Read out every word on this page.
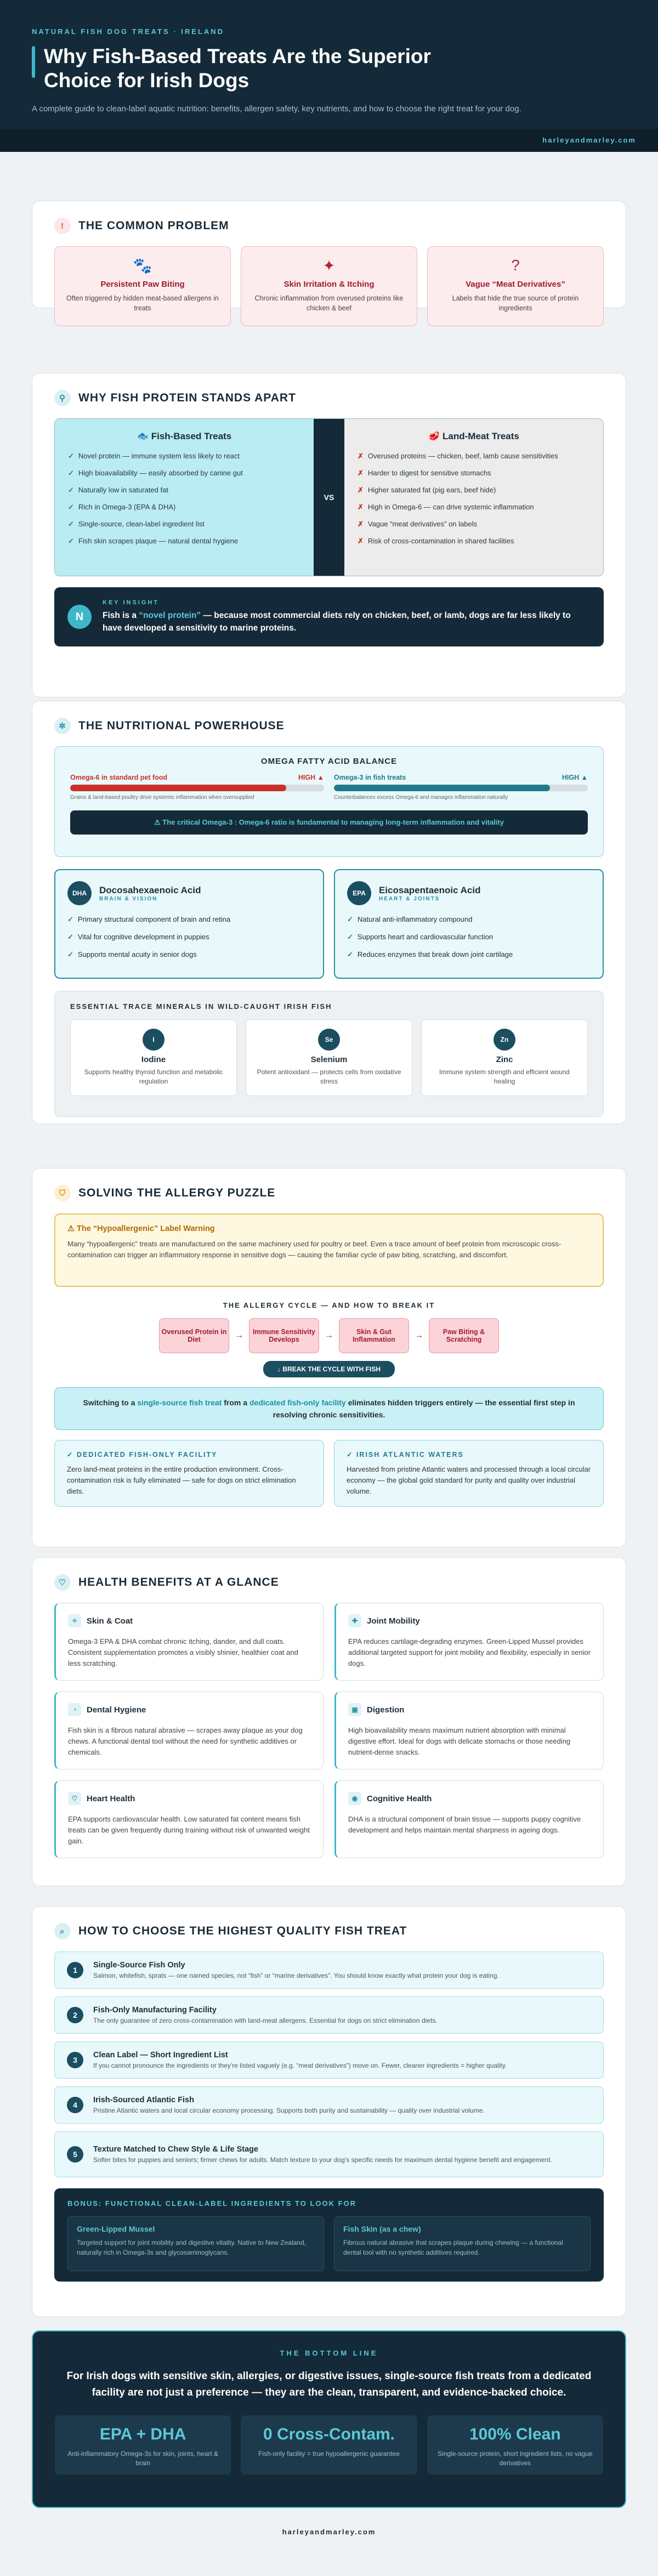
NATURAL FISH DOG TREATS · IRELAND
Why Fish-Based Treats Are the Superior Choice for Irish Dogs
A complete guide to clean-label aquatic nutrition: benefits, allergen safety, key nutrients, and how to choose the right treat for your dog.
harleyandmarley.com
!	THE COMMON PROBLEM
🐾
Persistent Paw Biting
Often triggered by hidden meat-based allergens in treats
✦
Skin Irritation & Itching
Chronic inflammation from overused proteins like chicken & beef
?
Vague “Meat Derivatives”
Labels that hide the true source of protein ingredients
⚲	WHY FISH PROTEIN STANDS APART
🐟 Fish-Based Treats
✓ Novel protein — immune system less likely to react
✓ High bioavailability — easily absorbed by canine gut
✓ Naturally low in saturated fat
✓ Rich in Omega-3 (EPA & DHA)
✓ Single-source, clean-label ingredient list
✓ Fish skin scrapes plaque — natural dental hygiene
VS
🥩 Land-Meat Treats
✗ Overused proteins — chicken, beef, lamb cause sensitivities
✗ Harder to digest for sensitive stomachs
✗ Higher saturated fat (pig ears, beef hide)
✗ High in Omega-6 — can drive systemic inflammation
✗ Vague “meat derivatives” on labels
✗ Risk of cross-contamination in shared facilities
N
KEY INSIGHT
Fish is a “novel protein” — because most commercial diets rely on chicken, beef, or lamb, dogs are far less likely to have developed a sensitivity to marine proteins.
✲	THE NUTRITIONAL POWERHOUSE
OMEGA FATTY ACID BALANCE
Omega-6 in standard pet food	HIGH ▲
Grains & land-based poultry drive systemic inflammation when oversupplied
Omega-3 in fish treats	HIGH ▲
Counterbalances excess Omega-6 and manages inflammation naturally
⚠ The critical Omega-3 : Omega-6 ratio is fundamental to managing long-term inflammation and vitality
DHA	Docosahexaenoic Acid
BRAIN & VISION
✓ Primary structural component of brain and retina
✓ Vital for cognitive development in puppies
✓ Supports mental acuity in senior dogs
EPA	Eicosapentaenoic Acid
HEART & JOINTS
✓ Natural anti-inflammatory compound
✓ Supports heart and cardiovascular function
✓ Reduces enzymes that break down joint cartilage
ESSENTIAL TRACE MINERALS IN WILD-CAUGHT IRISH FISH
I
Iodine
Supports healthy thyroid function and metabolic regulation
Se
Selenium
Potent antioxidant — protects cells from oxidative stress
Zn
Zinc
Immune system strength and efficient wound healing
⛉	SOLVING THE ALLERGY PUZZLE
⚠ The “Hypoallergenic” Label Warning
Many “hypoallergenic” treats are manufactured on the same machinery used for poultry or beef. Even a trace amount of beef protein from microscopic cross-contamination can trigger an inflammatory response in sensitive dogs — causing the familiar cycle of paw biting, scratching, and discomfort.
THE ALLERGY CYCLE — AND HOW TO BREAK IT
Overused Protein in Diet	→	Immune Sensitivity Develops	→	Skin & Gut Inflammation	→	Paw Biting & Scratching
↓ BREAK THE CYCLE WITH FISH
Switching to a single-source fish treat from a dedicated fish-only facility eliminates hidden triggers entirely — the essential first step in resolving chronic sensitivities.
✓ DEDICATED FISH-ONLY FACILITY
Zero land-meat proteins in the entire production environment. Cross-contamination risk is fully eliminated — safe for dogs on strict elimination diets.
✓ IRISH ATLANTIC WATERS
Harvested from pristine Atlantic waters and processed through a local circular economy — the global gold standard for purity and quality over industrial volume.
♡	HEALTH BENEFITS AT A GLANCE
✧	Skin & Coat
Omega-3 EPA & DHA combat chronic itching, dander, and dull coats. Consistent supplementation promotes a visibly shinier, healthier coat and less scratching.
✚	Joint Mobility
EPA reduces cartilage-degrading enzymes. Green-Lipped Mussel provides additional targeted support for joint mobility and flexibility, especially in senior dogs.
◔	Dental Hygiene
Fish skin is a fibrous natural abrasive — scrapes away plaque as your dog chews. A functional dental tool without the need for synthetic additives or chemicals.
▣	Digestion
High bioavailability means maximum nutrient absorption with minimal digestive effort. Ideal for dogs with delicate stomachs or those needing nutrient-dense snacks.
♡	Heart Health
EPA supports cardiovascular health. Low saturated fat content means fish treats can be given frequently during training without risk of unwanted weight gain.
◉	Cognitive Health
DHA is a structural component of brain tissue — supports puppy cognitive development and helps maintain mental sharpness in ageing dogs.
⌕	HOW TO CHOOSE THE HIGHEST QUALITY FISH TREAT
1
Single-Source Fish Only
Salmon, whitefish, sprats — one named species, not “fish” or “marine derivatives”. You should know exactly what protein your dog is eating.
2
Fish-Only Manufacturing Facility
The only guarantee of zero cross-contamination with land-meat allergens. Essential for dogs on strict elimination diets.
3
Clean Label — Short Ingredient List
If you cannot pronounce the ingredients or they're listed vaguely (e.g. “meat derivatives”) move on. Fewer, cleaner ingredients = higher quality.
4
Irish-Sourced Atlantic Fish
Pristine Atlantic waters and local circular economy processing. Supports both purity and sustainability — quality over industrial volume.
5
Texture Matched to Chew Style & Life Stage
Softer bites for puppies and seniors; firmer chews for adults. Match texture to your dog's specific needs for maximum dental hygiene benefit and engagement.
BONUS: FUNCTIONAL CLEAN-LABEL INGREDIENTS TO LOOK FOR
Green-Lipped Mussel
Targeted support for joint mobility and digestive vitality. Native to New Zealand, naturally rich in Omega-3s and glycosaminoglycans.
Fish Skin (as a chew)
Fibrous natural abrasive that scrapes plaque during chewing — a functional dental tool with no synthetic additives required.
THE BOTTOM LINE
For Irish dogs with sensitive skin, allergies, or digestive issues, single-source fish treats from a dedicated facility are not just a preference — they are the clean, transparent, and evidence-backed choice.
EPA + DHA
Anti-inflammatory Omega-3s for skin, joints, heart & brain
0 Cross-Contam.
Fish-only facility = true hypoallergenic guarantee
100% Clean
Single-source protein, short ingredient lists, no vague derivatives
harleyandmarley.com
